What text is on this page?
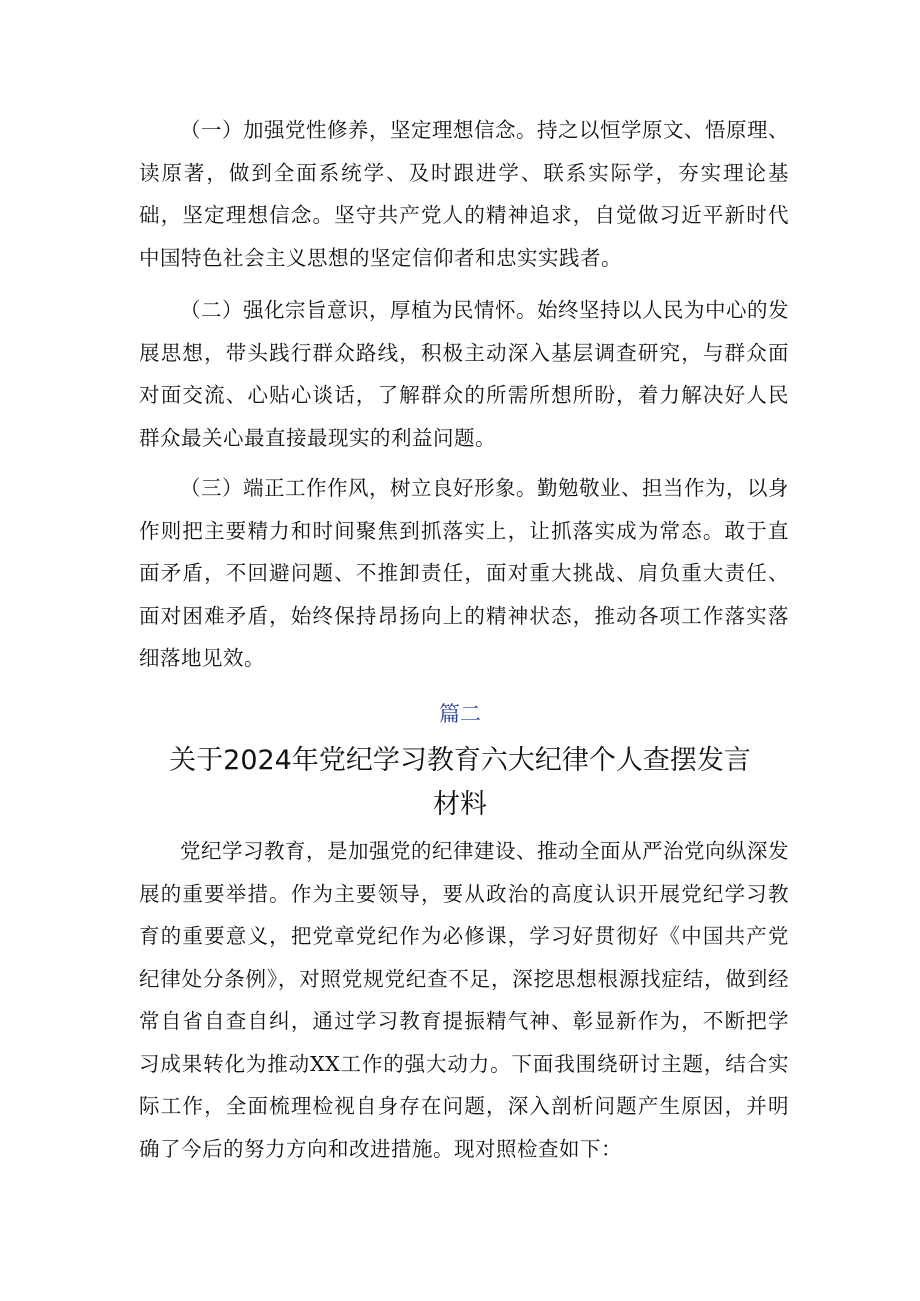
（一）加强党性修养，坚定理想信念。持之以恒学原文、悟原理、读原著，做到全面系统学、及时跟进学、联系实际学，夯实理论基础，坚定理想信念。坚守共产党人的精神追求，自觉做习近平新时代中国特色社会主义思想的坚定信仰者和忠实实践者。

（二）强化宗旨意识，厚植为民情怀。始终坚持以人民为中心的发展思想，带头践行群众路线，积极主动深入基层调查研究，与群众面对面交流、心贴心谈话，了解群众的所需所想所盼，着力解决好人民群众最关心最直接最现实的利益问题。

（三）端正工作作风，树立良好形象。勤勉敬业、担当作为，以身作则把主要精力和时间聚焦到抓落实上，让抓落实成为常态。敢于直面矛盾，不回避问题、不推卸责任，面对重大挑战、肩负重大责任、面对困难矛盾，始终保持昂扬向上的精神状态，推动各项工作落实落细落地见效。

篇二
关于2024年党纪学习教育六大纪律个人查摆发言材料

党纪学习教育，是加强党的纪律建设、推动全面从严治党向纵深发展的重要举措。作为主要领导，要从政治的高度认识开展党纪学习教育的重要意义，把党章党纪作为必修课，学习好贯彻好《中国共产党纪律处分条例》，对照党规党纪查不足，深挖思想根源找症结，做到经常自省自查自纠，通过学习教育提振精气神、彰显新作为，不断把学习成果转化为推动XX工作的强大动力。下面我围绕研讨主题，结合实际工作，全面梳理检视自身存在问题，深入剖析问题产生原因，并明确了今后的努力方向和改进措施。现对照检查如下：
